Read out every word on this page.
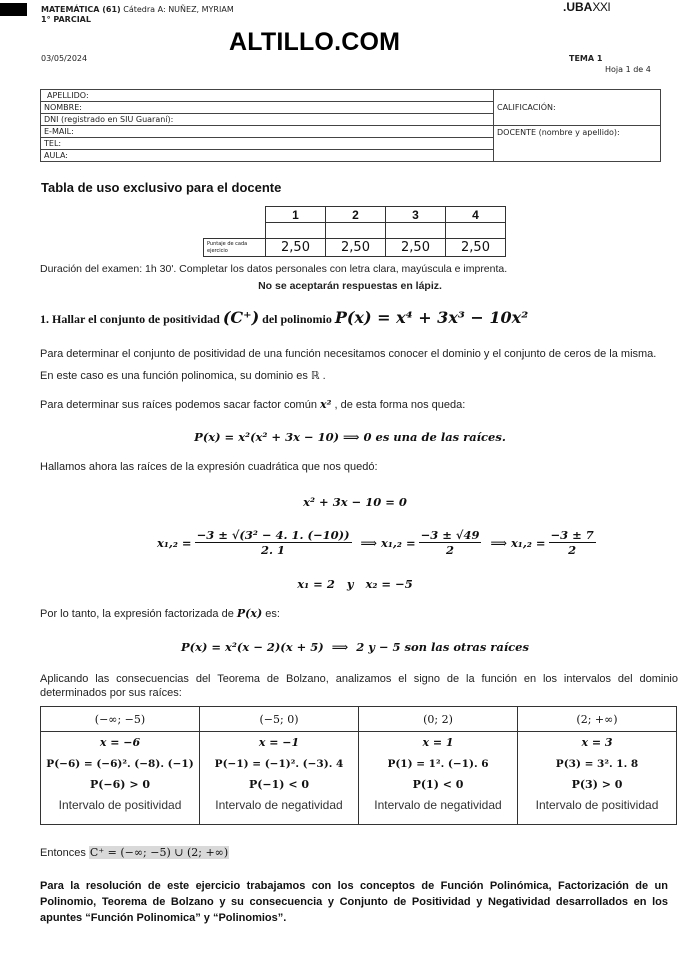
MATEMÁTICA (61) Cátedra A: NUÑEZ, MYRIAM
1° PARCIAL
.UBAXXI
ALTILLO.COM
03/05/2024	TEMA 1
Hoja 1 de 4
APELLIDO:	CALIFICACIÓN:
NOMBRE:	
DNI (registrado en SIU Guaraní):	
E-MAIL:	DOCENTE (nombre y apellido):
TEL:	
AULA:	
Tabla de uso exclusivo para el docente
	1	2	3	4

Puntaje de cada ejercicio	2,50	2,50	2,50	2,50
Duración del examen: 1h 30'. Completar los datos personales con letra clara, mayúscula e imprenta.
No se aceptarán respuestas en lápiz.
1. Hallar el conjunto de positividad (C⁺) del polinomio P(x) = x⁴ + 3x³ − 10x²
Para determinar el conjunto de positividad de una función necesitamos conocer el dominio y el conjunto de ceros de la misma. En este caso es una función polinomica, su dominio es ℝ .
Para determinar sus raíces podemos sacar factor común x² , de esta forma nos queda:
P(x) = x²(x² + 3x − 10) ⟹ 0 es una de las raíces.
Hallamos ahora las raíces de la expresión cuadrática que nos quedó:
x² + 3x − 10 = 0
$x_1,_2 = \frac{\text{−3 ± √(3² − 4. 1. (−10))}}{2. 1}$ ⟹ $x_1,_2 = \frac{-3 \pm √49}{2}$ ⟹ $x_1,_2 = \frac{-3 \pm 7}{2}$
x₁ = 2   y   x₂ = −5
Por lo tanto, la expresión factorizada de P(x) es:
P(x) = x²(x − 2)(x + 5)  ⟹  2 y − 5 son las otras raíces
Aplicando las consecuencias del Teorema de Bolzano, analizamos el signo de la función en los intervalos del dominio determinados por sus raíces:
(−∞; −5)	(−5; 0)	(0; 2)	(2; +∞)
x = −6	x = −1	x = 1	x = 3
P(−6) = (−6)². (−8). (−1)	P(−1) = (−1)². (−3). 4	P(1) = 1². (−1). 6	P(3) = 3². 1. 8
P(−6) > 0	P(−1) < 0	P(1) < 0	P(3) > 0
Intervalo de positividad	Intervalo de negatividad	Intervalo de negatividad	Intervalo de positividad
Entonces C⁺ = (−∞; −5) ∪ (2; +∞)
Para la resolución de este ejercicio trabajamos con los conceptos de Función Polinómica, Factorización de un Polinomio, Teorema de Bolzano y su consecuencia y Conjunto de Positividad y Negatividad desarrollados en los apuntes “Función Polinomica” y “Polinomios”.
